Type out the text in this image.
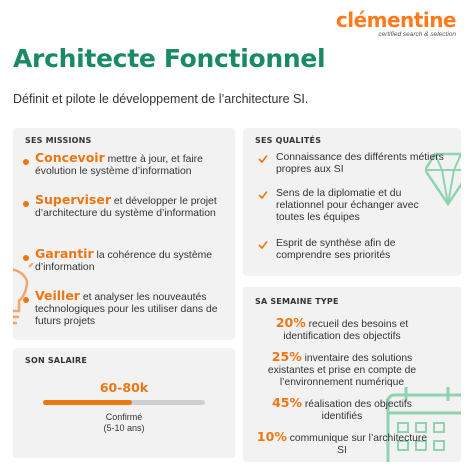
clémentine
certified search & selection
Architecte Fonctionnel
Définit et pilote le développement de l’architecture SI.
SES MISSIONS
Concevoir mettre à jour, et faire évolution le système d’information
Superviser et développer le projet d’architecture du système d’information
Garantir la cohérence du système d’information
Veiller et analyser les nouveautés technologiques pour les utiliser dans de futurs projets
SON SALAIRE
60-80k
Confirmé
(5-10 ans)
SES QUALITÉS
Connaissance des différents métiers propres aux SI
Sens de la diplomatie et du relationnel pour échanger avec toutes les équipes
Esprit de synthèse afin de comprendre ses priorités
SA SEMAINE TYPE
20% recueil des besoins et identification des objectifs
25% inventaire des solutions existantes et prise en compte de l’environnement numérique
45% réalisation des objectifs identifiés
10% communique sur l’architecture SI
